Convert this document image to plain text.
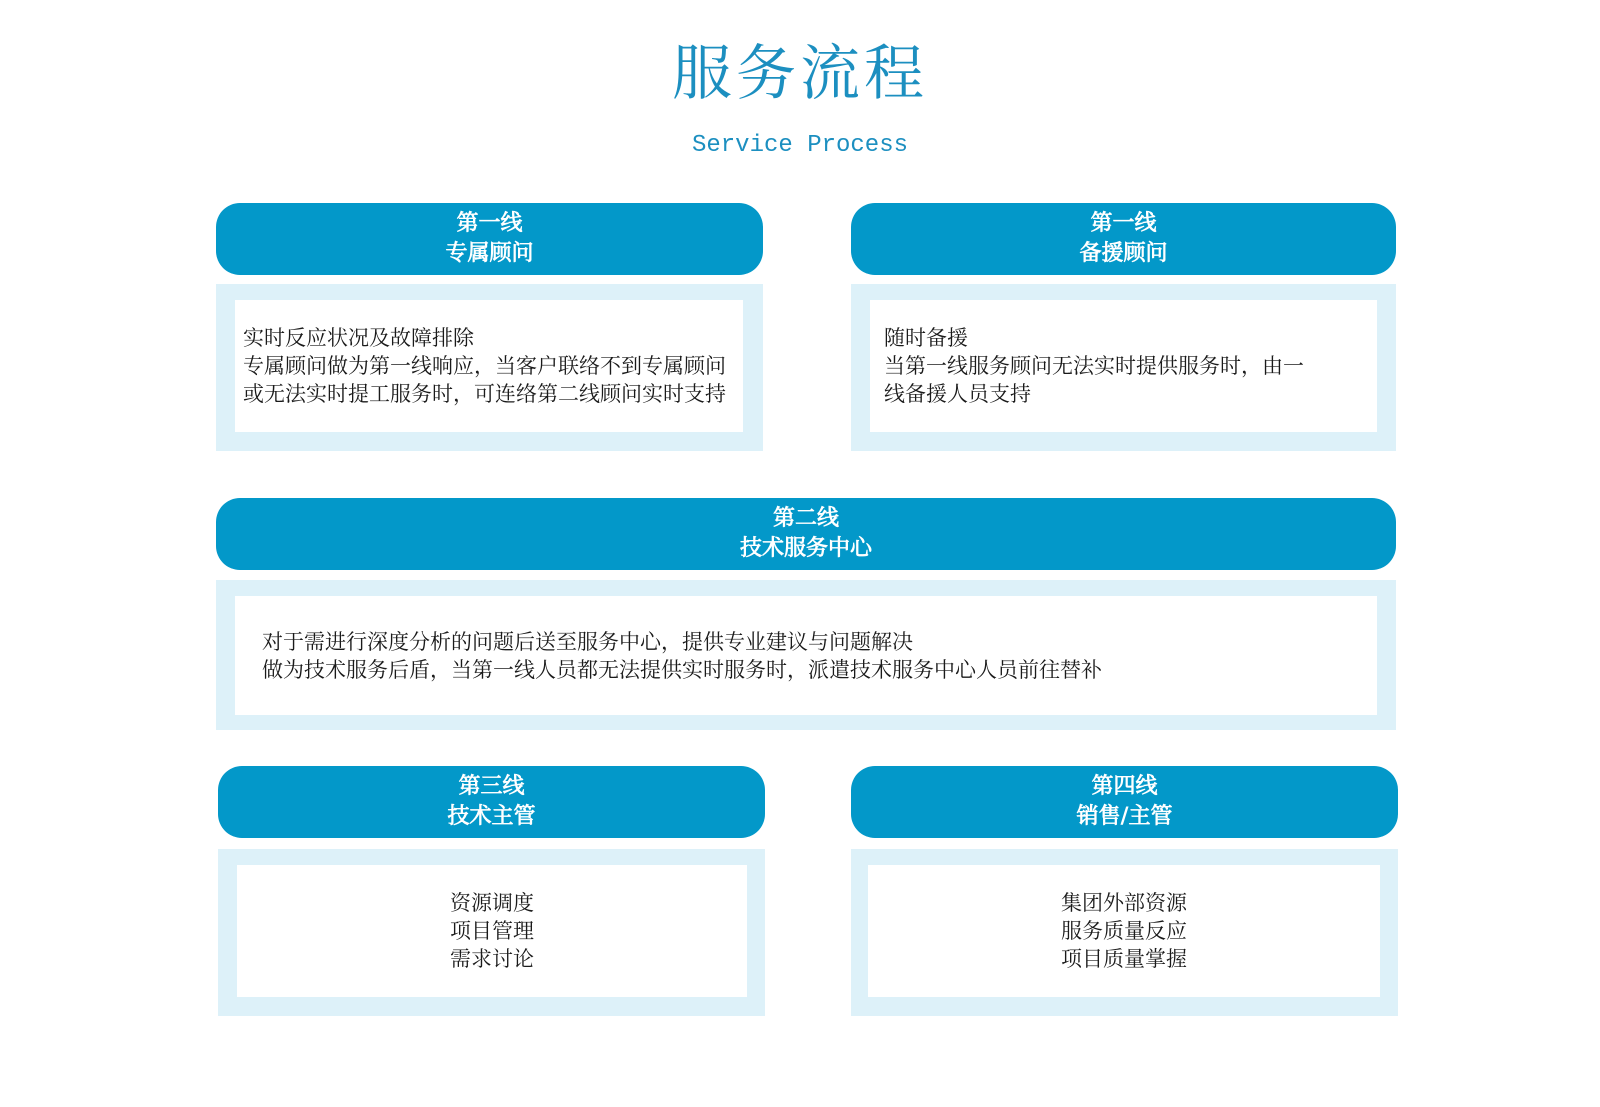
服务流程
Service Process
第一线
专属顾问
实时反应状况及故障排除
专属顾问做为第一线响应，当客户联络不到专属顾问
或无法实时提工服务时，可连络第二线顾问实时支持
第一线
备援顾问
随时备援
当第一线服务顾问无法实时提供服务时，由一
线备援人员支持
第二线
技术服务中心
对于需进行深度分析的问题后送至服务中心，提供专业建议与问题解决
做为技术服务后盾，当第一线人员都无法提供实时服务时，派遣技术服务中心人员前往替补
第三线
技术主管
资源调度
项目管理
需求讨论
第四线
销售/主管
集团外部资源
服务质量反应
项目质量掌握
